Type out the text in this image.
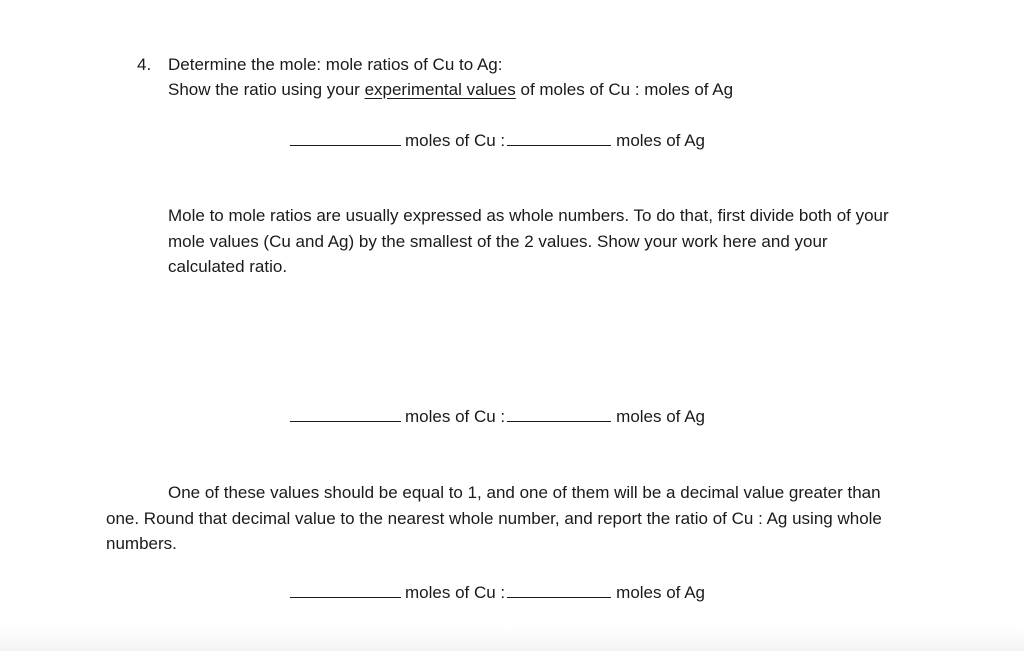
4. Determine the mole: mole ratios of Cu to Ag:
Show the ratio using your experimental values of moles of Cu : moles of Ag
moles of Cu :	moles of Ag
Mole to mole ratios are usually expressed as whole numbers. To do that, first divide both of your mole values (Cu and Ag) by the smallest of the 2 values. Show your work here and your calculated ratio.
moles of Cu :	moles of Ag
One of these values should be equal to 1, and one of them will be a decimal value greater than one. Round that decimal value to the nearest whole number, and report the ratio of Cu : Ag using whole numbers.
moles of Cu :	moles of Ag
